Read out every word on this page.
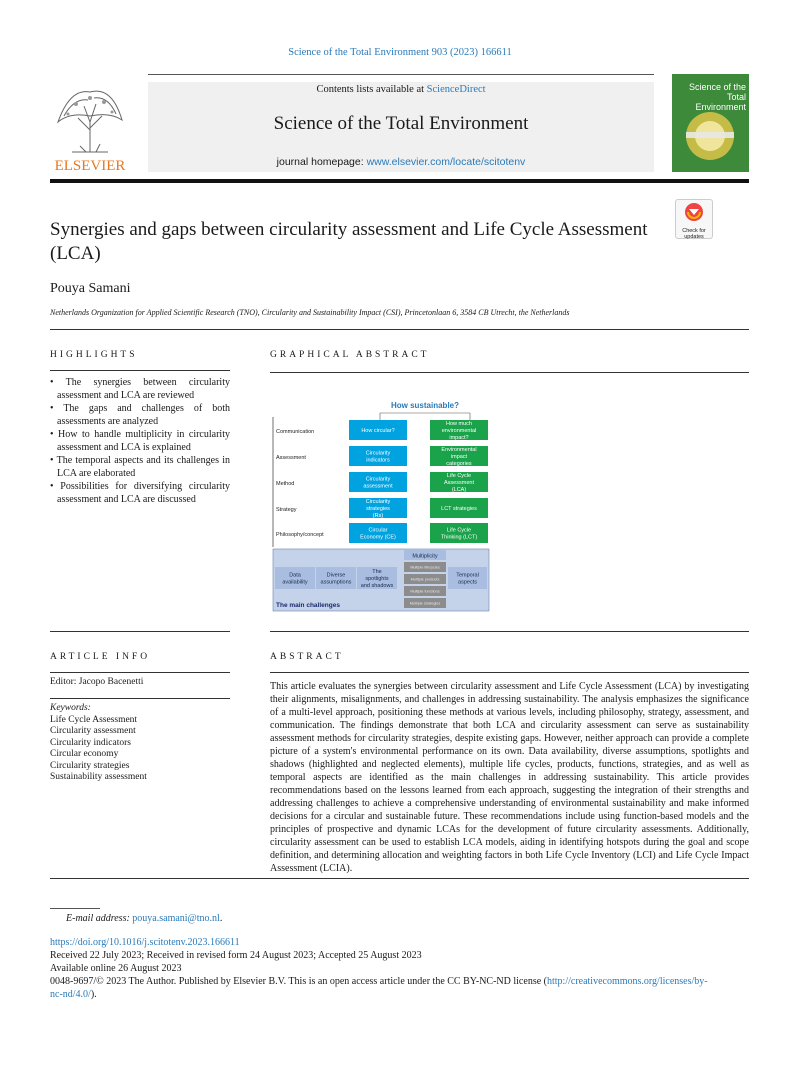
Science of the Total Environment 903 (2023) 166611
Contents lists available at ScienceDirect
Science of the Total Environment
journal homepage: www.elsevier.com/locate/scitotenv
ELSEVIER
Science of the
Total Environment
Check for updates
Synergies and gaps between circularity assessment and Life Cycle Assessment (LCA)
Pouya Samani
Netherlands Organization for Applied Scientific Research (TNO), Circularity and Sustainability Impact (CSI), Princetonlaan 6, 3584 CB Utrecht, the Netherlands
HIGHLIGHTS
• The synergies between circularity assessment and LCA are reviewed
• The gaps and challenges of both assessments are analyzed
• How to handle multiplicity in circularity assessment and LCA is explained
• The temporal aspects and its challenges in LCA are elaborated
• Possibilities for diversifying circularity assessment and LCA are discussed
GRAPHICAL ABSTRACT
How sustainable?
Communication	How circular?
How much
environmental
impact?
Assessment
Circularity
indicators
Environmental
impact
categories
Method
Circularity
assessment
Life Cycle
Assessment
(LCA)
Strategy
Circularity
strategies
(Rs)
LCT strategies
Philosophy/concept
Circular
Economy (CE)
Life Cycle
Thinking (LCT)
Data
availability
Diverse
assumptions
The
spotlights
and shadows
Temporal
aspects
Multiplicity
Multiple lifecycles
Multiple products
Multiple functions
Multiple strategies
The main challenges
ARTICLE INFO
Editor: Jacopo Bacenetti
Keywords:
Life Cycle Assessment
Circularity assessment
Circularity indicators
Circular economy
Circularity strategies
Sustainability assessment
ABSTRACT
This article evaluates the synergies between circularity assessment and Life Cycle Assessment (LCA) by investigating their alignments, misalignments, and challenges in addressing sustainability. The analysis emphasizes the significance of a multi-level approach, positioning these methods at various levels, including philosophy, strategy, assessment, and communication. The findings demonstrate that both LCA and circularity assessment can serve as sustainability assessment methods for circularity strategies, despite existing gaps. However, neither approach can provide a complete picture of a system's environmental performance on its own. Data availability, diverse assumptions, spotlights and shadows (highlighted and neglected elements), multiple life cycles, products, functions, strategies, and as well as temporal aspects are identified as the main challenges in addressing sustainability. This article provides recommendations based on the lessons learned from each approach, suggesting the integration of their strengths and addressing challenges to achieve a comprehensive understanding of environmental sustainability and make informed decisions for a circular and sustainable future. These recommendations include using function-based models and the principles of prospective and dynamic LCAs for the development of future circularity assessments. Additionally, circularity assessment can be used to establish LCA models, aiding in identifying hotspots during the goal and scope definition, and determining allocation and weighting factors in both Life Cycle Inventory (LCI) and Life Cycle Impact Assessment (LCIA).
E-mail address: pouya.samani@tno.nl.
https://doi.org/10.1016/j.scitotenv.2023.166611
Received 22 July 2023; Received in revised form 24 August 2023; Accepted 25 August 2023
Available online 26 August 2023
0048-9697/© 2023 The Author. Published by Elsevier B.V. This is an open access article under the CC BY-NC-ND license (http://creativecommons.org/licenses/by-
nc-nd/4.0/).
